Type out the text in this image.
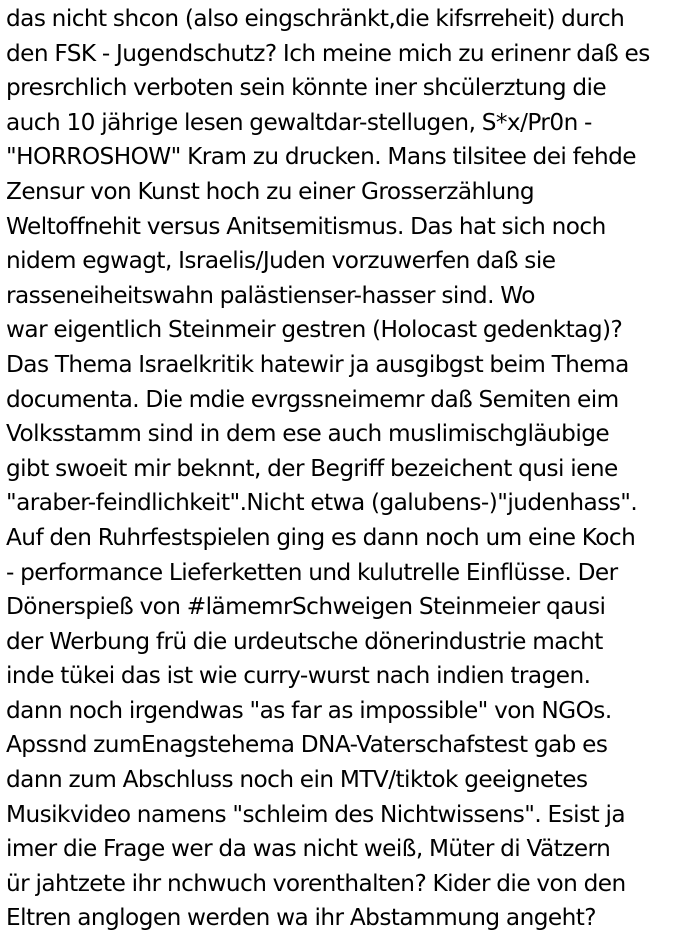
das nicht shcon (also eingschränkt,die kifsrreheit) durch
den FSK - Jugendschutz? Ich meine mich zu erinenr daß es
presrchlich verboten sein könnte iner shcülerztung die
auch 10 jährige lesen gewaltdar-stellugen, S*x/Pr0n -
"HORROSHOW" Kram zu drucken. Mans tilsitee dei fehde
Zensur von Kunst hoch zu einer Grosserzählung
Weltoffnehit versus Anitsemitismus. Das hat sich noch
nidem egwagt, Israelis/Juden vorzuwerfen daß sie
rasseneiheitswahn palästienser-hasser sind. Wo
war eigentlich Steinmeir gestren (Holocast gedenktag)?
Das Thema Israelkritik hatewir ja ausgibgst beim Thema
documenta. Die mdie evrgssneimemr daß Semiten eim
Volksstamm sind in dem ese auch muslimischgläubige
gibt swoeit mir beknnt, der Begriff bezeichent qusi iene
"araber-feindlichkeit".Nicht etwa (galubens-)"judenhass".
Auf den Ruhrfestspielen ging es dann noch um eine Koch
- performance Lieferketten und kulutrelle Einflüsse. Der
Dönerspieß von #lämemrSchweigen Steinmeier qausi
der Werbung frü die urdeutsche dönerindustrie macht
inde tükei das ist wie curry-wurst nach indien tragen.
dann noch irgendwas "as far as impossible" von NGOs.
Apssnd zumEnagstehema DNA-Vaterschafstest gab es
dann zum Abschluss noch ein MTV/tiktok geeignetes
Musikvideo namens "schleim des Nichtwissens". Esist ja
imer die Frage wer da was nicht weiß, Müter di Vätzern
ür jahtzete ihr nchwuch vorenthalten? Kider die von den
Eltren anglogen werden wa ihr Abstammung angeht?
